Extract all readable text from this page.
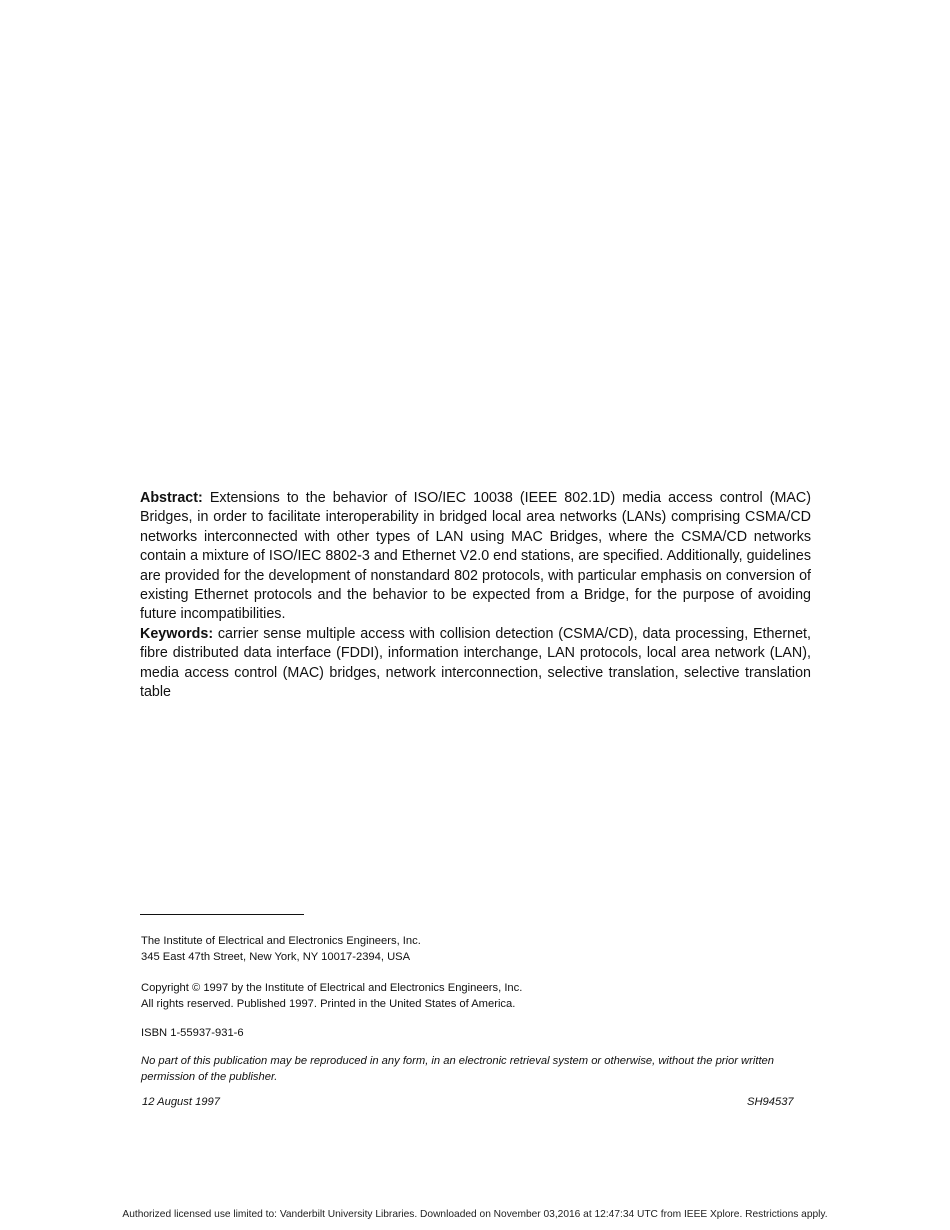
Abstract: Extensions to the behavior of ISO/IEC 10038 (IEEE 802.1D) media access control (MAC) Bridges, in order to facilitate interoperability in bridged local area networks (LANs) comprising CSMA/CD networks interconnected with other types of LAN using MAC Bridges, where the CSMA/CD networks contain a mixture of ISO/IEC 8802-3 and Ethernet V2.0 end stations, are specified. Additionally, guidelines are provided for the development of nonstandard 802 protocols, with particular emphasis on conversion of existing Ethernet protocols and the behavior to be expected from a Bridge, for the purpose of avoiding future incompatibilities.

Keywords: carrier sense multiple access with collision detection (CSMA/CD), data processing, Ethernet, fibre distributed data interface (FDDI), information interchange, LAN protocols, local area network (LAN), media access control (MAC) bridges, network interconnection, selective translation, selective translation table

The Institute of Electrical and Electronics Engineers, Inc.

345 East 47th Street, New York, NY 10017-2394, USA

Copyright © 1997 by the Institute of Electrical and Electronics Engineers, Inc.

All rights reserved. Published 1997. Printed in the United States of America.

ISBN 1-55937-931-6
No part of this publication may be reproduced in any form, in an electronic retrieval system or otherwise, without the prior written permission of the publisher.
12 August 1997	SH94537
Authorized licensed use limited to: Vanderbilt University Libraries. Downloaded on November 03,2016 at 12:47:34 UTC from IEEE Xplore. Restrictions apply.
